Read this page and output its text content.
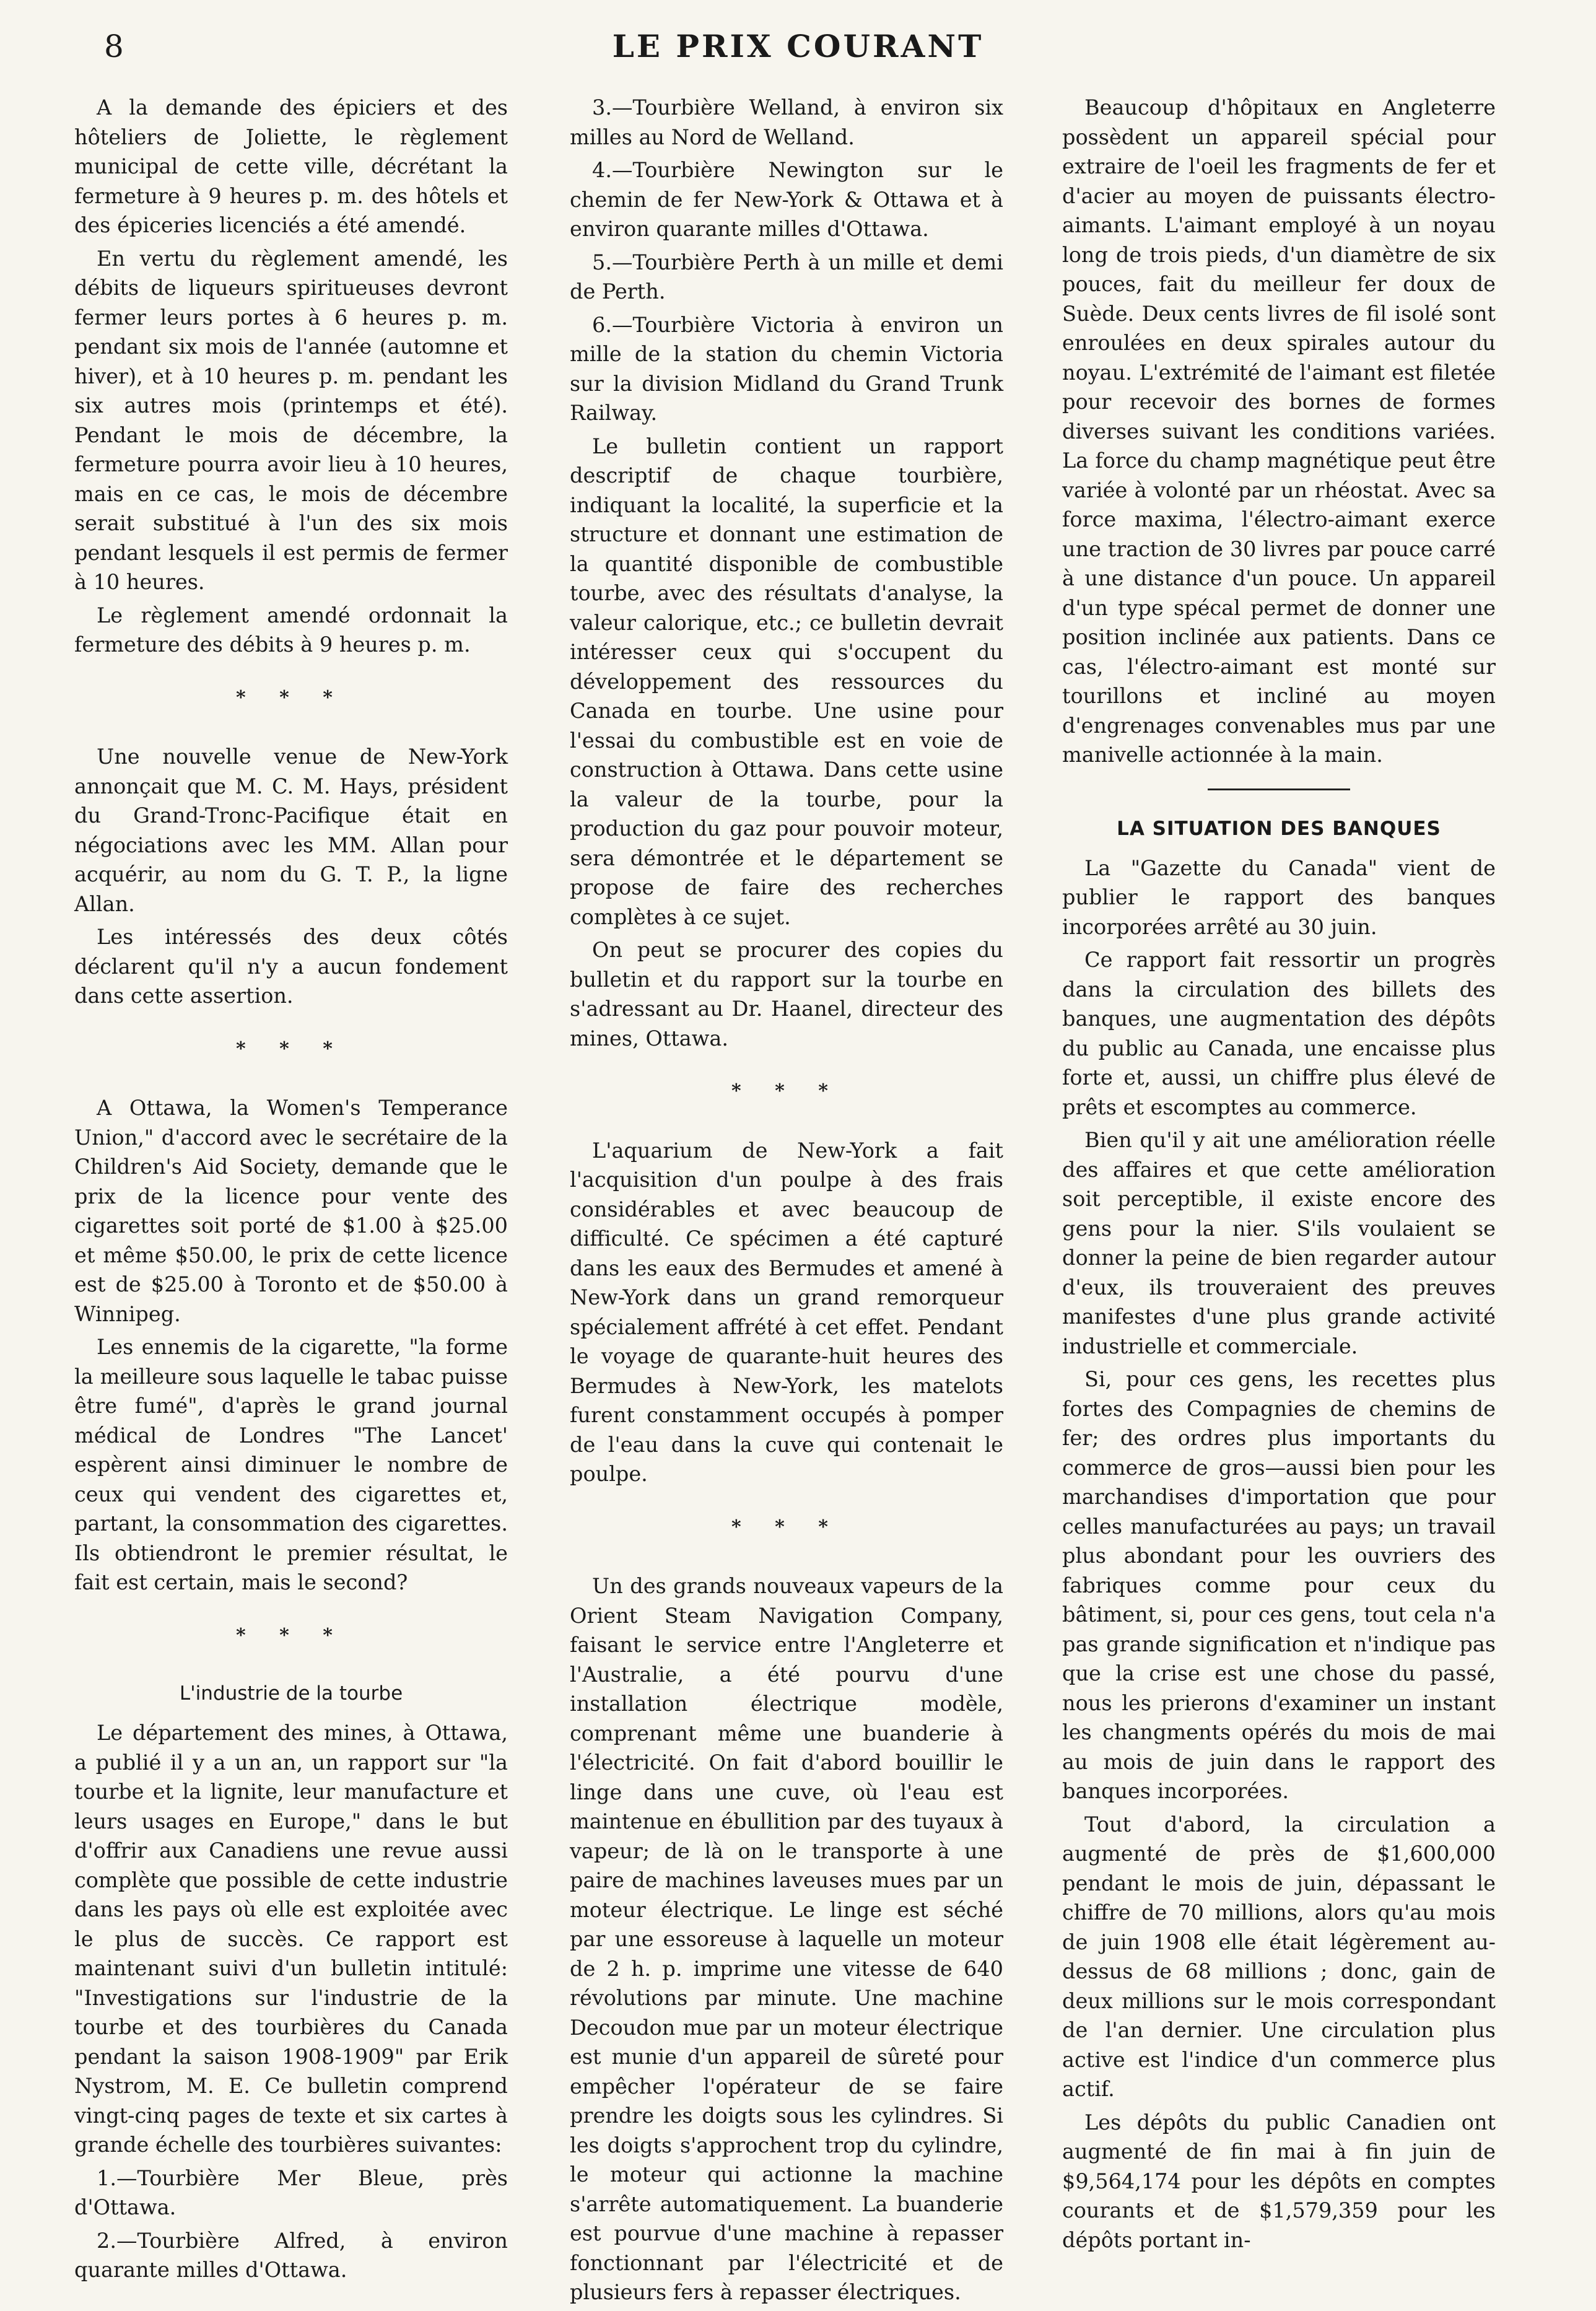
8	LE PRIX COURANT

A la demande des épiciers et des hôteliers de Joliette, le règlement municipal de cette ville, décrétant la fermeture à 9 heures p. m. des hôtels et des épiceries licenciés a été amendé.

En vertu du règlement amendé, les débits de liqueurs spiritueuses devront fermer leurs portes à 6 heures p. m. pendant six mois de l'année (automne et hiver), et à 10 heures p. m. pendant les six autres mois (printemps et été). Pendant le mois de décembre, la fermeture pourra avoir lieu à 10 heures, mais en ce cas, le mois de décembre serait substitué à l'un des six mois pendant lesquels il est permis de fermer à 10 heures.

Le règlement amendé ordonnait la fermeture des débits à 9 heures p. m.

* * *

Une nouvelle venue de New-York annonçait que M. C. M. Hays, président du Grand-Tronc-Pacifique était en négociations avec les MM. Allan pour acquérir, au nom du G. T. P., la ligne Allan.

Les intéressés des deux côtés déclarent qu'il n'y a aucun fondement dans cette assertion.

* * *

A Ottawa, la Women's Temperance Union," d'accord avec le secrétaire de la Children's Aid Society, demande que le prix de la licence pour vente des cigarettes soit porté de $1.00 à $25.00 et même $50.00, le prix de cette licence est de $25.00 à Toronto et de $50.00 à Winnipeg.

Les ennemis de la cigarette, "la forme la meilleure sous laquelle le tabac puisse être fumé", d'après le grand journal médical de Londres "The Lancet' espèrent ainsi diminuer le nombre de ceux qui vendent des cigarettes et, partant, la consommation des cigarettes. Ils obtiendront le premier résultat, le fait est certain, mais le second?

* * *
L'industrie de la tourbe

Le département des mines, à Ottawa, a publié il y a un an, un rapport sur "la tourbe et la lignite, leur manufacture et leurs usages en Europe," dans le but d'offrir aux Canadiens une revue aussi complète que possible de cette industrie dans les pays où elle est exploitée avec le plus de succès. Ce rapport est maintenant suivi d'un bulletin intitulé: "Investigations sur l'industrie de la tourbe et des tourbières du Canada pendant la saison 1908-1909" par Erik Nystrom, M. E. Ce bulletin comprend vingt-cinq pages de texte et six cartes à grande échelle des tourbières suivantes:

1.—Tourbière Mer Bleue, près d'Ottawa.

2.—Tourbière Alfred, à environ quarante milles d'Ottawa.

3.—Tourbière Welland, à environ six milles au Nord de Welland.

4.—Tourbière Newington sur le chemin de fer New-York & Ottawa et à environ quarante milles d'Ottawa.

5.—Tourbière Perth à un mille et demi de Perth.

6.—Tourbière Victoria à environ un mille de la station du chemin Victoria sur la division Midland du Grand Trunk Railway.

Le bulletin contient un rapport descriptif de chaque tourbière, indiquant la localité, la superficie et la structure et donnant une estimation de la quantité disponible de combustible tourbe, avec des résultats d'analyse, la valeur calorique, etc.; ce bulletin devrait intéresser ceux qui s'occupent du développement des ressources du Canada en tourbe. Une usine pour l'essai du combustible est en voie de construction à Ottawa. Dans cette usine la valeur de la tourbe, pour la production du gaz pour pouvoir moteur, sera démontrée et le département se propose de faire des recherches complètes à ce sujet.

On peut se procurer des copies du bulletin et du rapport sur la tourbe en s'adressant au Dr. Haanel, directeur des mines, Ottawa.

* * *

L'aquarium de New-York a fait l'acquisition d'un poulpe à des frais considérables et avec beaucoup de difficulté. Ce spécimen a été capturé dans les eaux des Bermudes et amené à New-York dans un grand remorqueur spécialement affrété à cet effet. Pendant le voyage de quarante-huit heures des Bermudes à New-York, les matelots furent constamment occupés à pomper de l'eau dans la cuve qui contenait le poulpe.

* * *

Un des grands nouveaux vapeurs de la Orient Steam Navigation Company, faisant le service entre l'Angleterre et l'Australie, a été pourvu d'une installation électrique modèle, comprenant même une buanderie à l'électricité. On fait d'abord bouillir le linge dans une cuve, où l'eau est maintenue en ébullition par des tuyaux à vapeur; de là on le transporte à une paire de machines laveuses mues par un moteur électrique. Le linge est séché par une essoreuse à laquelle un moteur de 2 h. p. imprime une vitesse de 640 révolutions par minute. Une machine Decoudon mue par un moteur électrique est munie d'un appareil de sûreté pour empêcher l'opérateur de se faire prendre les doigts sous les cylindres. Si les doigts s'approchent trop du cylindre, le moteur qui actionne la machine s'arrête automatiquement. La buanderie est pourvue d'une machine à repasser fonctionnant par l'électricité et de plusieurs fers à repasser électriques.

Beaucoup d'hôpitaux en Angleterre possèdent un appareil spécial pour extraire de l'oeil les fragments de fer et d'acier au moyen de puissants électro-aimants. L'aimant employé à un noyau long de trois pieds, d'un diamètre de six pouces, fait du meilleur fer doux de Suède. Deux cents livres de fil isolé sont enroulées en deux spirales autour du noyau. L'extrémité de l'aimant est filetée pour recevoir des bornes de formes diverses suivant les conditions variées. La force du champ magnétique peut être variée à volonté par un rhéostat. Avec sa force maxima, l'électro-aimant exerce une traction de 30 livres par pouce carré à une distance d'un pouce. Un appareil d'un type spécal permet de donner une position inclinée aux patients. Dans ce cas, l'électro-aimant est monté sur tourillons et incliné au moyen d'engrenages convenables mus par une manivelle actionnée à la main.

LA SITUATION DES BANQUES

La "Gazette du Canada" vient de publier le rapport des banques incorporées arrêté au 30 juin.

Ce rapport fait ressortir un progrès dans la circulation des billets des banques, une augmentation des dépôts du public au Canada, une encaisse plus forte et, aussi, un chiffre plus élevé de prêts et escomptes au commerce.

Bien qu'il y ait une amélioration réelle des affaires et que cette amélioration soit perceptible, il existe encore des gens pour la nier. S'ils voulaient se donner la peine de bien regarder autour d'eux, ils trouveraient des preuves manifestes d'une plus grande activité industrielle et commerciale.

Si, pour ces gens, les recettes plus fortes des Compagnies de chemins de fer; des ordres plus importants du commerce de gros—aussi bien pour les marchandises d'importation que pour celles manufacturées au pays; un travail plus abondant pour les ouvriers des fabriques comme pour ceux du bâtiment, si, pour ces gens, tout cela n'a pas grande signification et n'indique pas que la crise est une chose du passé, nous les prierons d'examiner un instant les changments opérés du mois de mai au mois de juin dans le rapport des banques incorporées.

Tout d'abord, la circulation a augmenté de près de $1,600,000 pendant le mois de juin, dépassant le chiffre de 70 millions, alors qu'au mois de juin 1908 elle était légèrement au-dessus de 68 millions ; donc, gain de deux millions sur le mois correspondant de l'an dernier. Une circulation plus active est l'indice d'un commerce plus actif.

Les dépôts du public Canadien ont augmenté de fin mai à fin juin de $9,564,174 pour les dépôts en comptes courants et de $1,579,359 pour les dépôts portant in-
